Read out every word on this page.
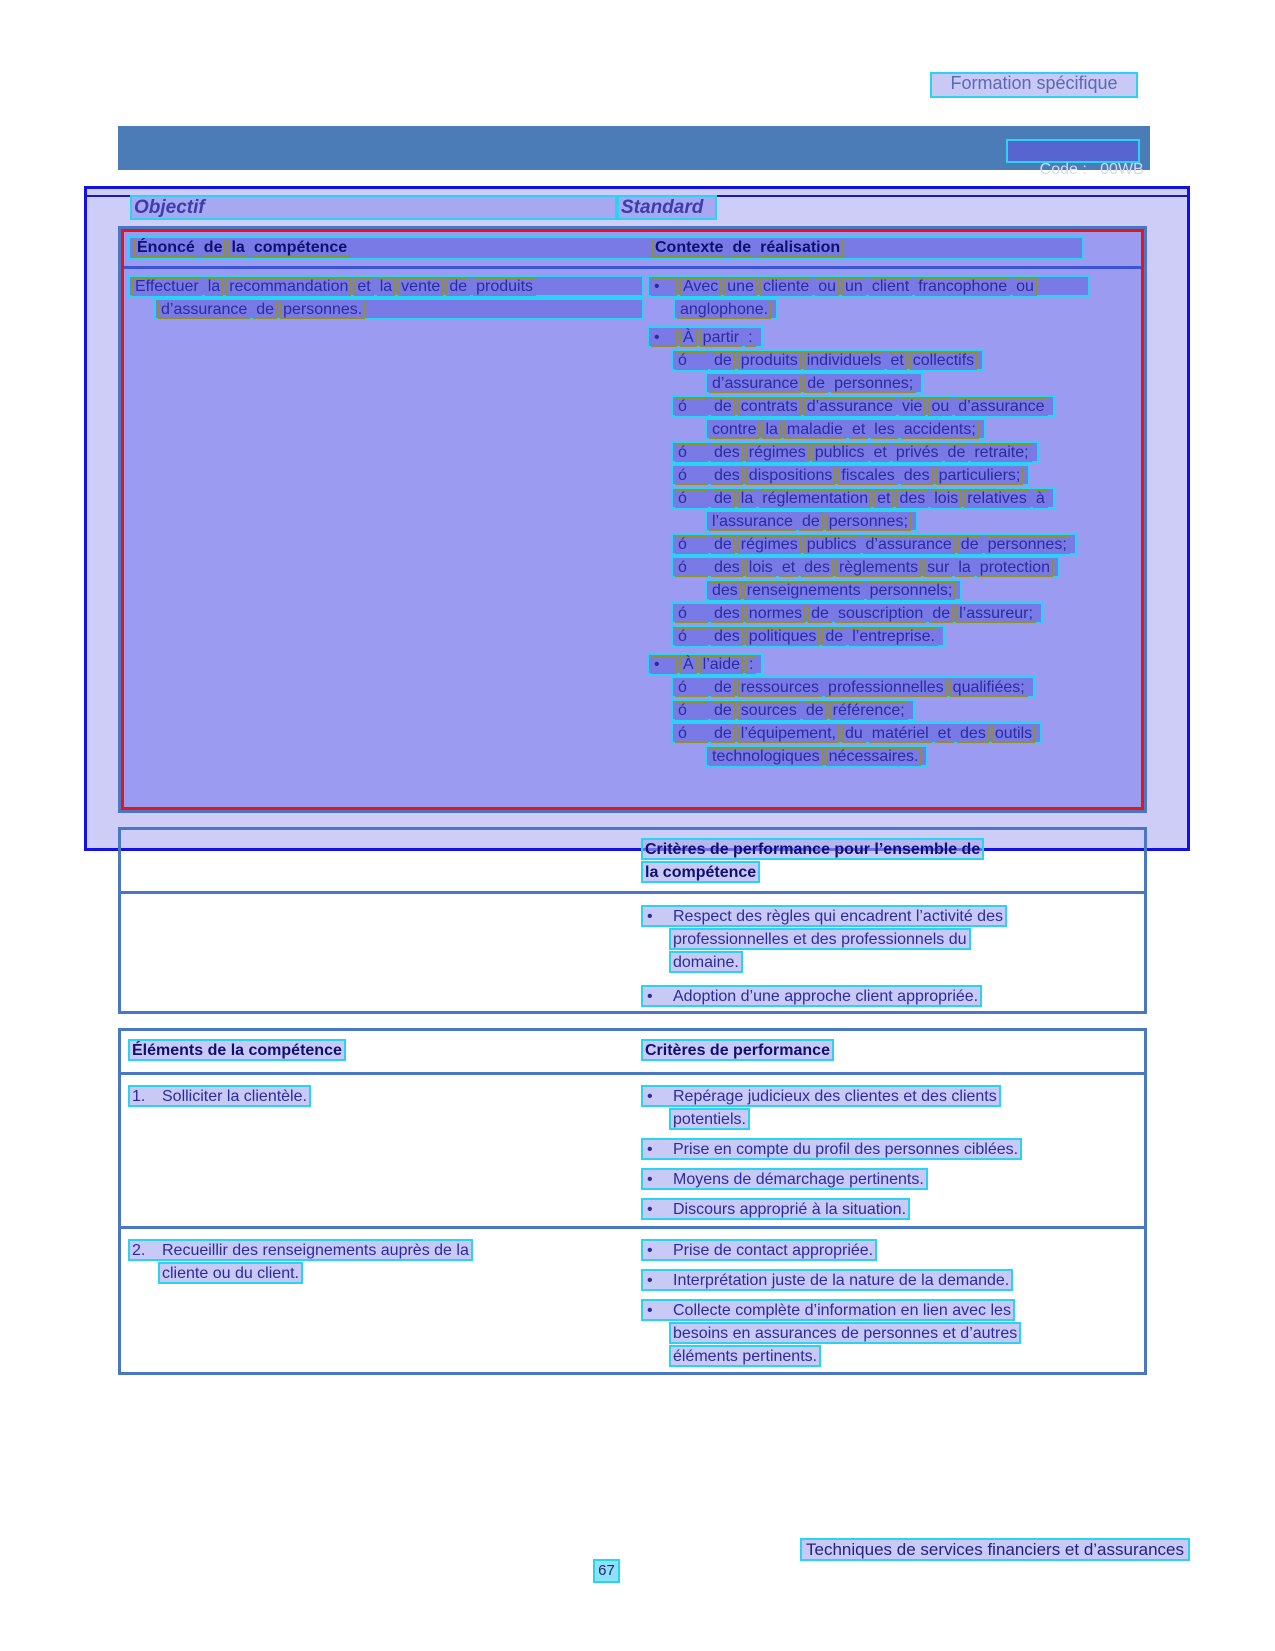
Formation spécifique

Code :   00WB

Objectif	Standard
Énoncé de la compétence	Contexte de réalisation
Effectuer la recommandation et la vente de produits
d’assurance de personnes.
• Avec une cliente ou un client francophone ou
anglophone.
• À partir :
ó de produits individuels et collectifs
d’assurance de personnes;
ó de contrats d’assurance vie ou d’assurance
contre la maladie et les accidents;
ó des régimes publics et privés de retraite;
ó des dispositions fiscales des particuliers;
ó de la réglementation et des lois relatives à
l’assurance de personnes;
ó de régimes publics d’assurance de personnes;
ó des lois et des règlements sur la protection
des renseignements personnels;
ó des normes de souscription de l’assureur;
ó des politiques de l’entreprise.
• À l’aide :
ó de ressources professionnelles qualifiées;
ó de sources de référence;
ó de l’équipement, du matériel et des outils
technologiques nécessaires.
Critères de performance pour l’ensemble de
la compétence
• Respect des règles qui encadrent l’activité des
professionnelles et des professionnels du
domaine.
• Adoption d’une approche client appropriée.
Éléments de la compétence	Critères de performance
1. Solliciter la clientèle.	• Repérage judicieux des clientes et des clients
potentiels.
• Prise en compte du profil des personnes ciblées.
• Moyens de démarchage pertinents.
• Discours approprié à la situation.
2. Recueillir des renseignements auprès de la
cliente ou du client.
• Prise de contact appropriée.
• Interprétation juste de la nature de la demande.
• Collecte complète d’information en lien avec les
besoins en assurances de personnes et d’autres
éléments pertinents.
Techniques de services financiers et d’assurances
67
